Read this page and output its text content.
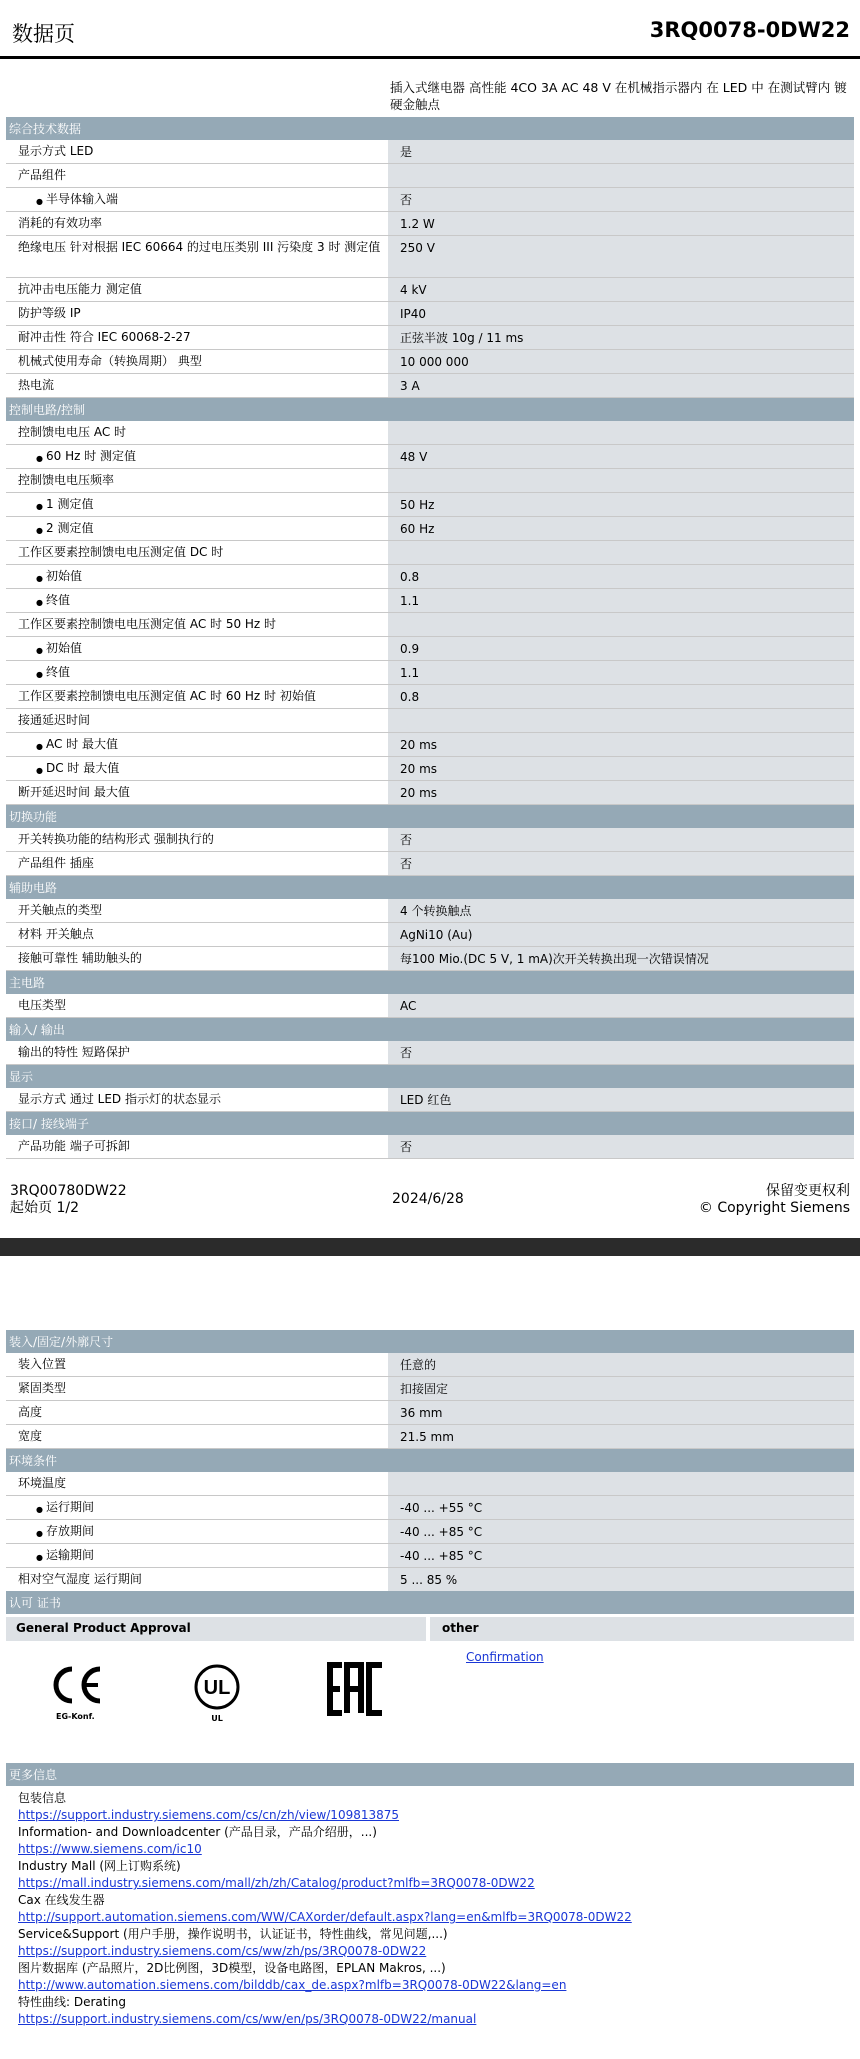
数据页	3RQ0078-0DW22
插入式继电器 高性能 4CO 3A AC 48 V 在机械指示器内 在 LED 中 在测试臂内 镀硬金触点
综合技术数据
显示方式 LED	是
产品组件
● 半导体输入端	否
消耗的有效功率	1.2 W
绝缘电压 针对根据 IEC 60664 的过电压类别 III 污染度 3 时 测定值	250 V
抗冲击电压能力 测定值	4 kV
防护等级 IP	IP40
耐冲击性 符合 IEC 60068-2-27	正弦半波 10g / 11 ms
机械式使用寿命（转换周期） 典型	10 000 000
热电流	3 A
控制电路/控制
控制馈电电压 AC 时
● 60 Hz 时 测定值	48 V
控制馈电电压频率
● 1 测定值	50 Hz
● 2 测定值	60 Hz
工作区要素控制馈电电压测定值 DC 时
● 初始值	0.8
● 终值	1.1
工作区要素控制馈电电压测定值 AC 时 50 Hz 时
● 初始值	0.9
● 终值	1.1
工作区要素控制馈电电压测定值 AC 时 60 Hz 时 初始值	0.8
接通延迟时间
● AC 时 最大值	20 ms
● DC 时 最大值	20 ms
断开延迟时间 最大值	20 ms
切换功能
开关转换功能的结构形式 强制执行的	否
产品组件 插座	否
辅助电路
开关触点的类型	4 个转换触点
材料 开关触点	AgNi10 (Au)
接触可靠性 辅助触头的	每100 Mio.(DC 5 V, 1 mA)次开关转换出现一次错误情况
主电路
电压类型	AC
输入/ 输出
输出的特性 短路保护	否
显示
显示方式 通过 LED 指示灯的状态显示	LED 红色
接口/ 接线端子
产品功能 端子可拆卸	否
3RQ00780DW22
起始页 1/2
2024/6/28	保留变更权利
© Copyright Siemens
装入/固定/外廓尺寸
装入位置	任意的
紧固类型	扣接固定
高度	36 mm
宽度	21.5 mm
环境条件
环境温度
● 运行期间	-40 ... +55 °C
● 存放期间	-40 ... +85 °C
● 运输期间	-40 ... +85 °C
相对空气湿度 运行期间	5 ... 85 %
认可 证书
General Product Approval	other
EG-Konf.
UL
UL
Confirmation
更多信息
包装信息
https://support.industry.siemens.com/cs/cn/zh/view/109813875
Information- and Downloadcenter (产品目录，产品介绍册，...)
https://www.siemens.com/ic10
Industry Mall (网上订购系统)
https://mall.industry.siemens.com/mall/zh/zh/Catalog/product?mlfb=3RQ0078-0DW22
Cax 在线发生器
http://support.automation.siemens.com/WW/CAXorder/default.aspx?lang=en&mlfb=3RQ0078-0DW22
Service&Support (用户手册，操作说明书，认证证书，特性曲线，常见问题,...)
https://support.industry.siemens.com/cs/ww/zh/ps/3RQ0078-0DW22
图片数据库 (产品照片，2D比例图，3D模型，设备电路图，EPLAN Makros, ...)
http://www.automation.siemens.com/bilddb/cax_de.aspx?mlfb=3RQ0078-0DW22&lang=en
特性曲线: Derating
https://support.industry.siemens.com/cs/ww/en/ps/3RQ0078-0DW22/manual
